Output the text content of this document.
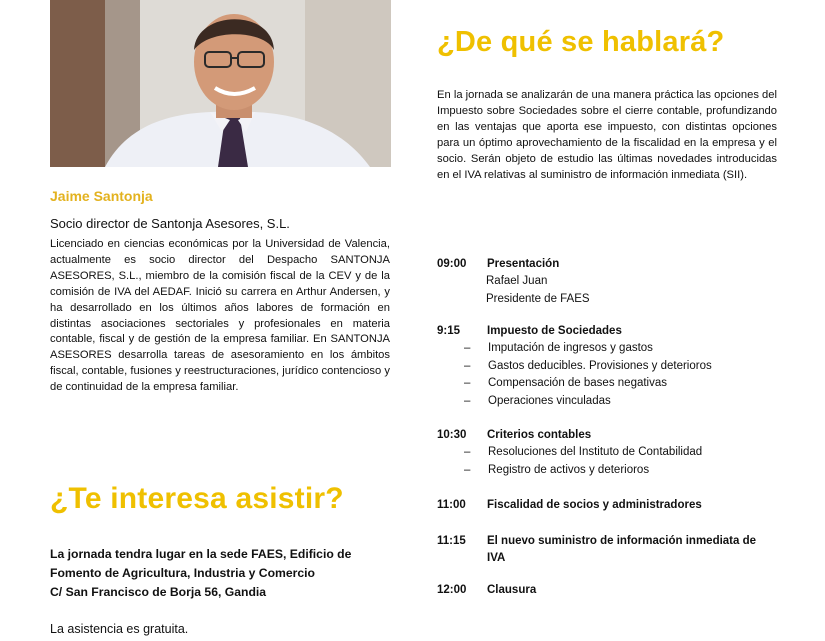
Jaime Santonja
Socio director de Santonja Asesores, S.L.
Licenciado en ciencias económicas por la Universidad de Valencia, actualmente es socio director del Despacho SANTONJA ASESORES, S.L., miembro de la comisión fiscal de la CEV y de la comisión de IVA del AEDAF. Inició su carrera en Arthur Andersen, y ha desarrollado en los últimos años labores de formación en distintas asociaciones sectoriales y profesionales en materia contable, fiscal y de gestión de la empresa familiar. En SANTONJA ASESORES desarrolla tareas de asesoramiento en los ámbitos fiscal, contable, fusiones y reestructuraciones, jurídico contencioso y de continuidad de la empresa familiar.
¿Te interesa asistir?
La jornada tendra lugar en la sede FAES, Edificio de
Fomento de Agricultura, Industria y Comercio
C/ San Francisco de Borja 56, Gandia
La asistencia es gratuita.
¿De qué se hablará?
En la jornada se analizarán de una manera práctica las opciones del Impuesto sobre Sociedades sobre el cierre contable, profundizando en las ventajas que aporta ese impuesto, con distintas opciones para un óptimo aprovechamiento de la fiscalidad en la empresa y el socio. Serán objeto de estudio las últimas novedades introducidas en el IVA relativas al suministro de información inmediata (SII).
09:00 Presentación
Rafael Juan
Presidente de FAES
9:15 Impuesto de Sociedades
– Imputación de ingresos y gastos
– Gastos deducibles. Provisiones y deterioros
– Compensación de bases negativas
– Operaciones vinculadas
10:30 Criterios contables
– Resoluciones del Instituto de Contabilidad
– Registro de activos y deterioros
11:00 Fiscalidad de socios y administradores
11:15 El nuevo suministro de información inmediata de IVA
12:00 Clausura
